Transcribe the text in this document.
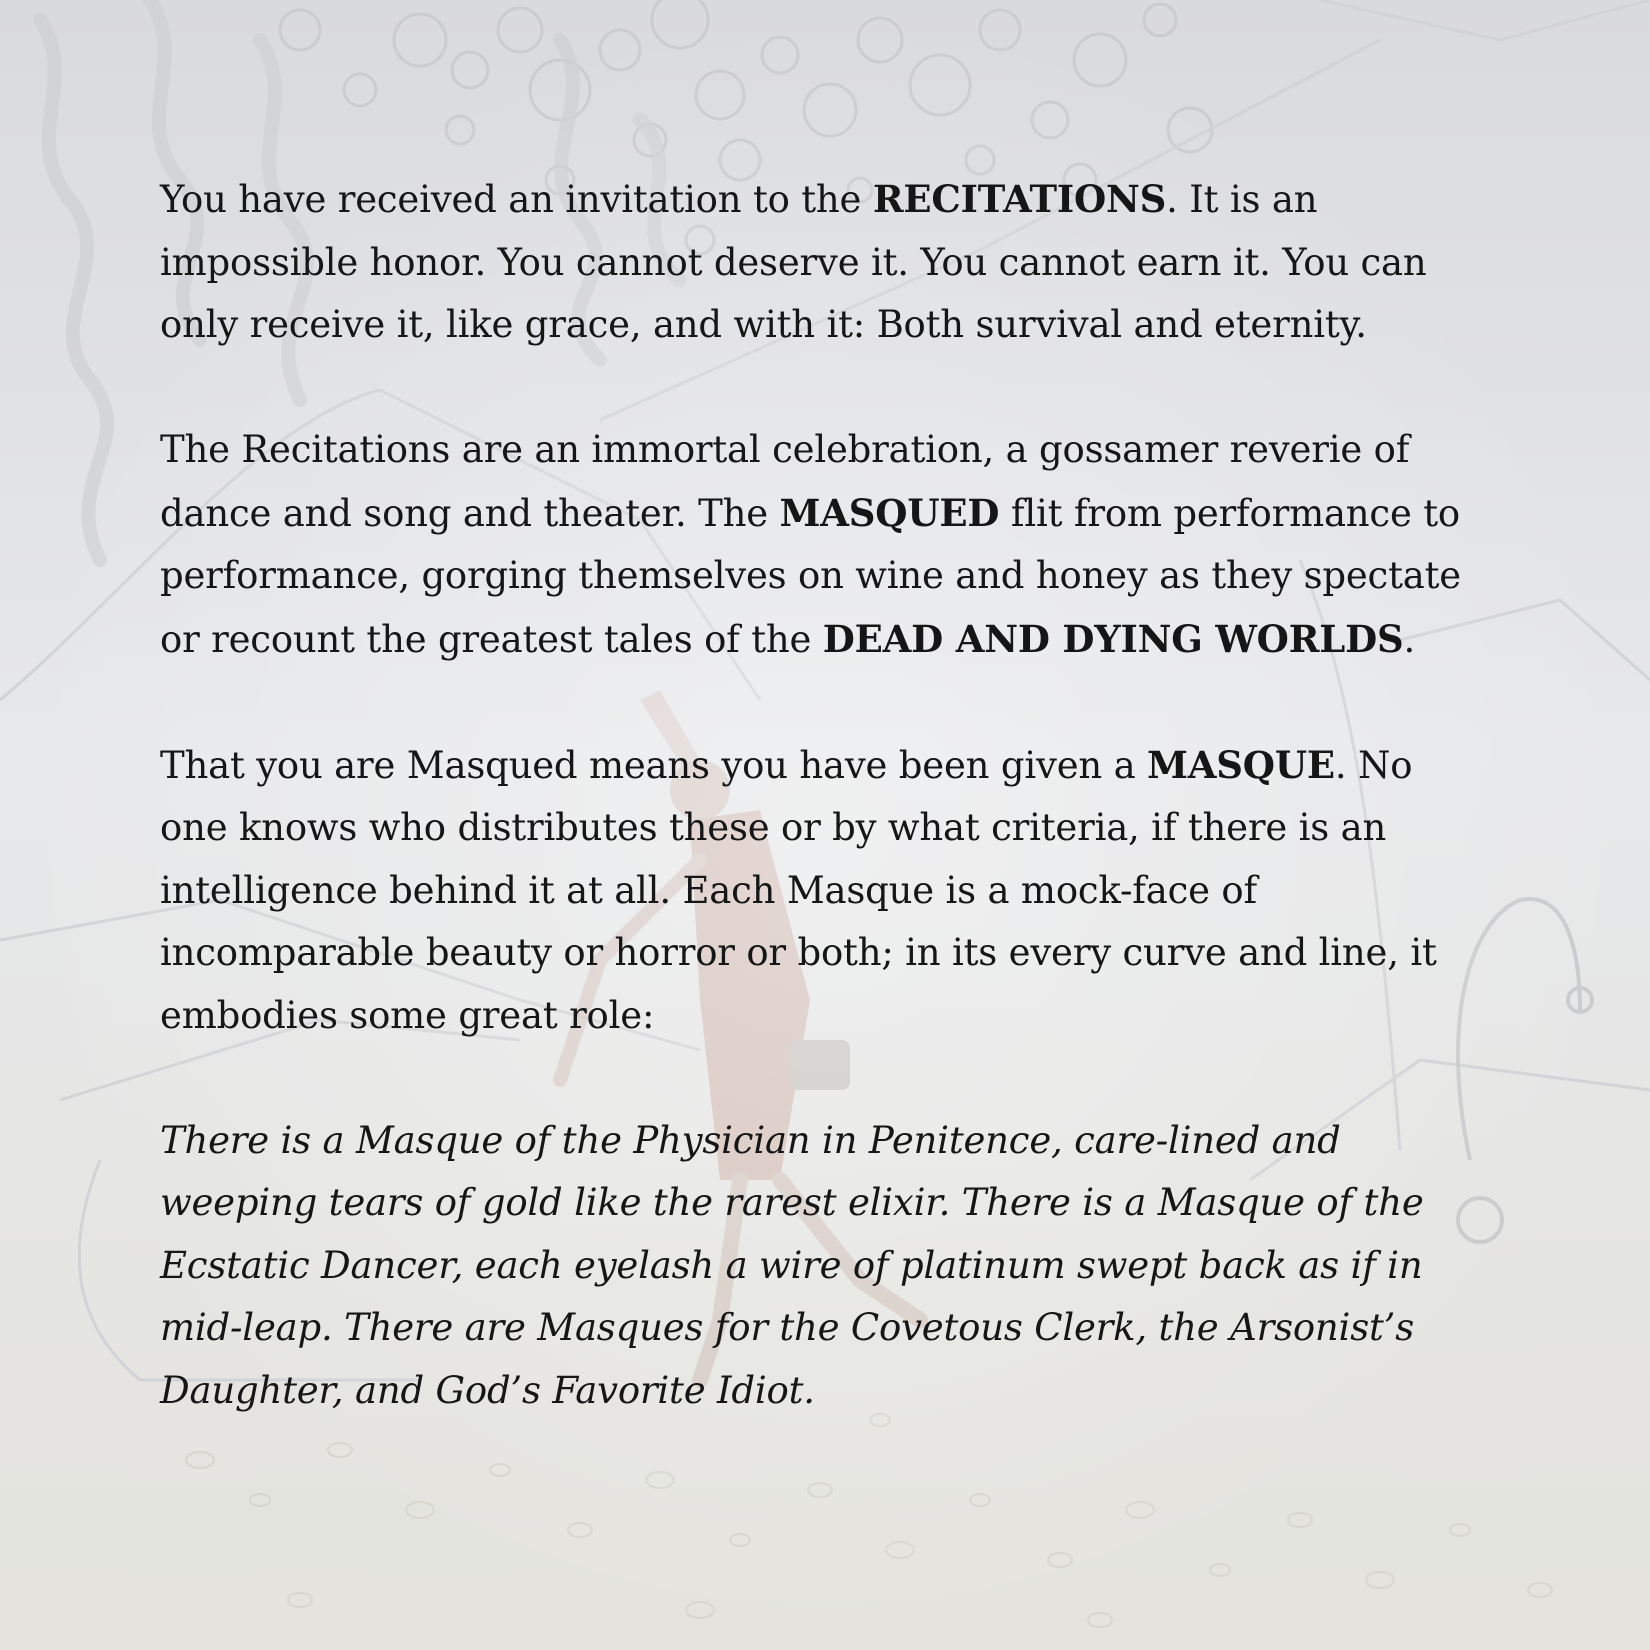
You have received an invitation to the RECITATIONS. It is an impossible honor. You cannot deserve it. You cannot earn it. You can only receive it, like grace, and with it: Both survival and eternity.

The Recitations are an immortal celebration, a gossamer reverie of dance and song and theater. The MASQUED flit from performance to performance, gorging themselves on wine and honey as they spectate or recount the greatest tales of the DEAD AND DYING WORLDS.

That you are Masqued means you have been given a MASQUE. No one knows who distributes these or by what criteria, if there is an intelligence behind it at all. Each Masque is a mock-face of incomparable beauty or horror or both; in its every curve and line, it embodies some great role:

There is a Masque of the Physician in Penitence, care-lined and weeping tears of gold like the rarest elixir. There is a Masque of the Ecstatic Dancer, each eyelash a wire of platinum swept back as if in mid-leap. There are Masques for the Covetous Clerk, the Arsonist’s Daughter, and God’s Favorite Idiot.
